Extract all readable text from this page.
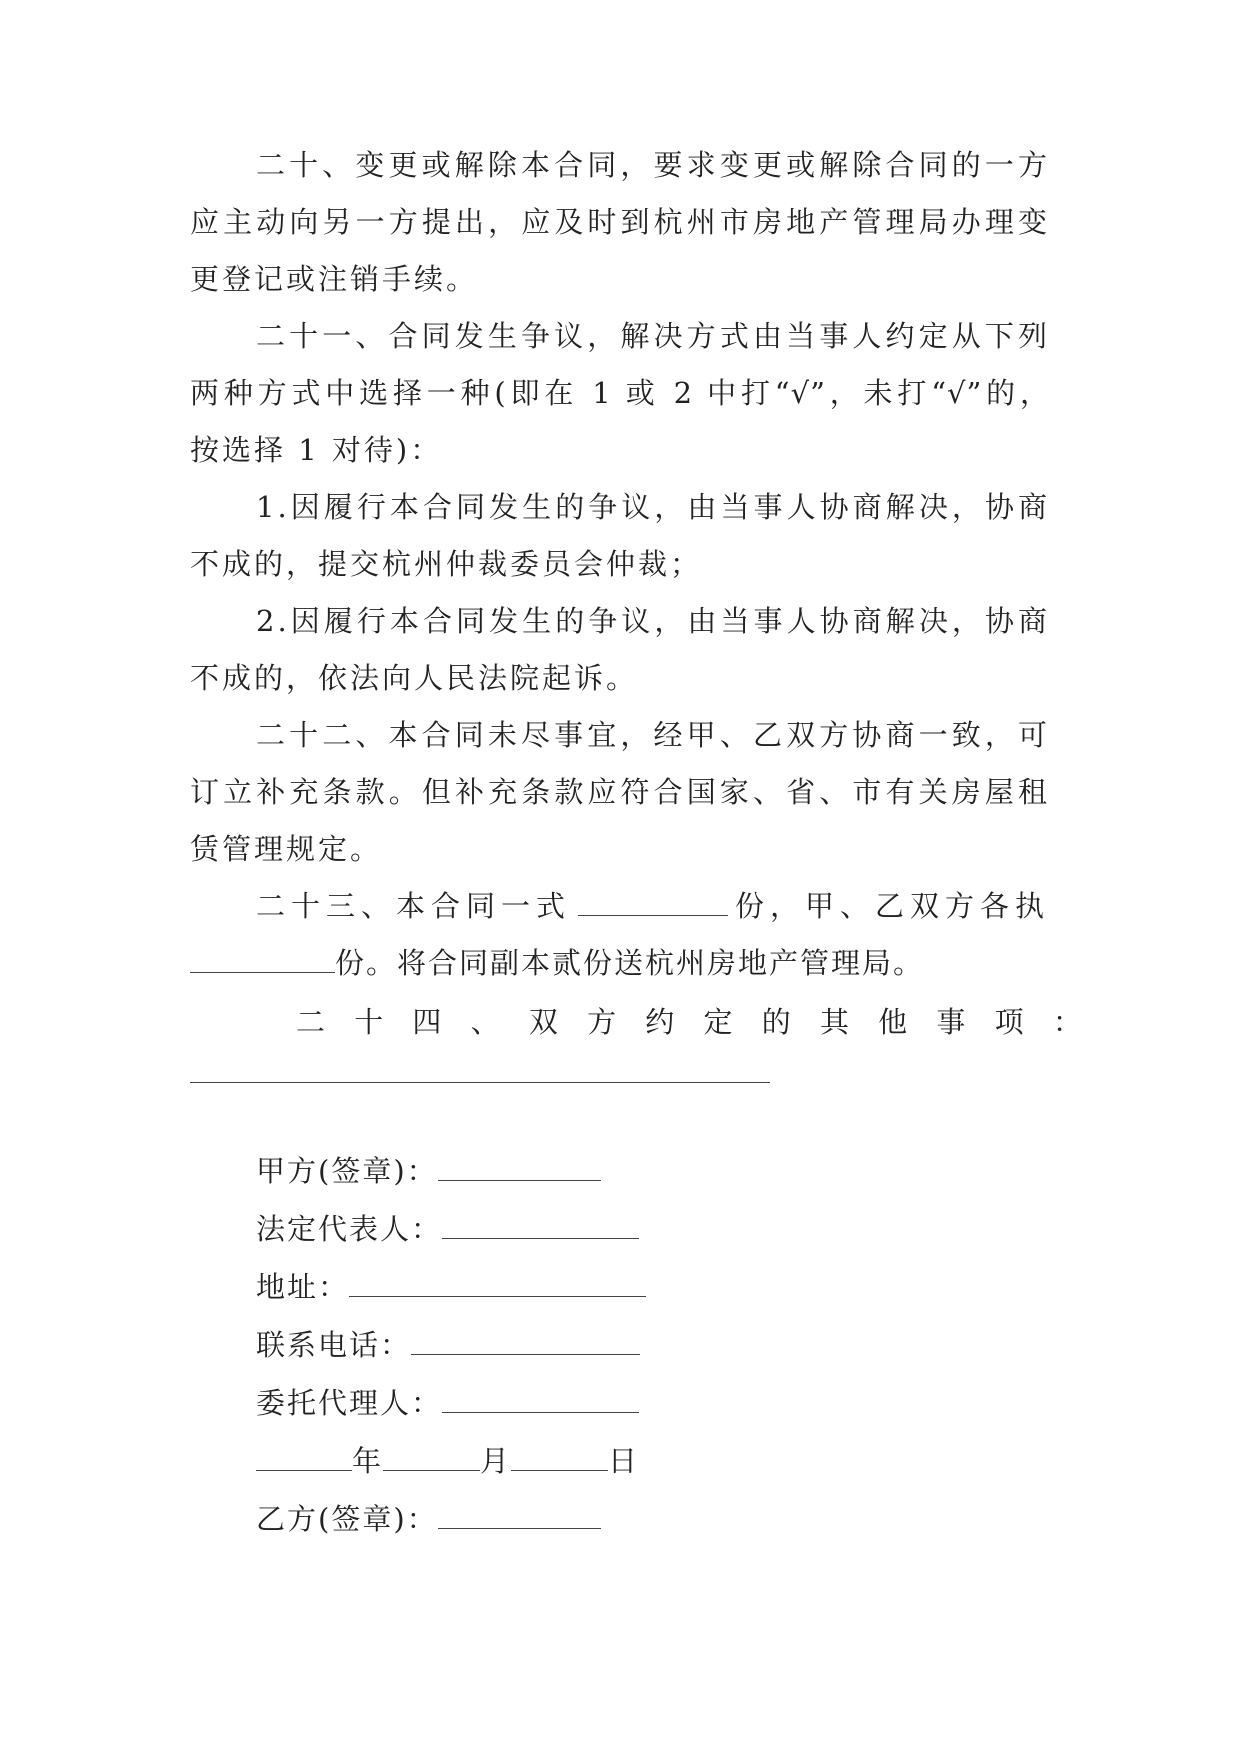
二十、变更或解除本合同，要求变更或解除合同的一方
应主动向另一方提出，应及时到杭州市房地产管理局办理变
更登记或注销手续。
二十一、合同发生争议，解决方式由当事人约定从下列
两种方式中选择一种(即在 1 或 2 中打“√”，未打“√”的，
按选择 1 对待)：
1.因履行本合同发生的争议，由当事人协商解决，协商
不成的，提交杭州仲裁委员会仲裁；
2.因履行本合同发生的争议，由当事人协商解决，协商
不成的，依法向人民法院起诉。
二十二、本合同未尽事宜，经甲、乙双方协商一致，可
订立补充条款。但补充条款应符合国家、省、市有关房屋租
赁管理规定。
二十三、本合同一式	份，甲、乙双方各执
份。将合同副本贰份送杭州房地产管理局。
二 十 四 、 双 方 约 定 的 其 他 事 项 ：
甲方(签章)：
法定代表人：
地址：
联系电话：
委托代理人：
年	月	日
乙方(签章)：
